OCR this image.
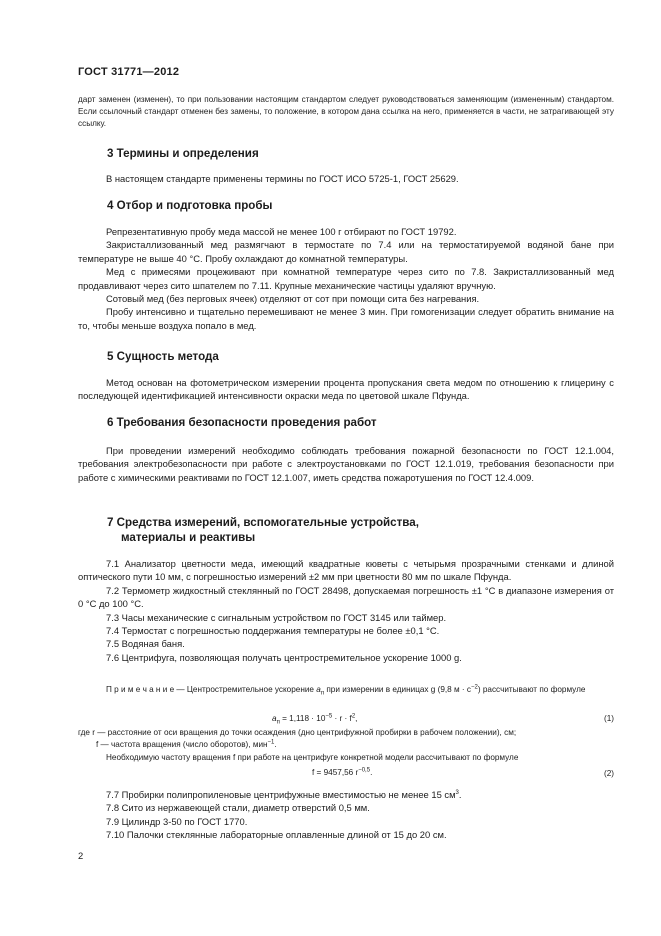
ГОСТ 31771—2012

дарт заменен (изменен), то при пользовании настоящим стандартом следует руководствоваться заменяющим (измененным) стандартом. Если ссылочный стандарт отменен без замены, то положение, в котором дана ссылка на него, применяется в части, не затрагивающей эту ссылку.

3 Термины и определения

В настоящем стандарте применены термины по ГОСТ ИСО 5725-1, ГОСТ 25629.

4 Отбор и подготовка пробы

Репрезентативную пробу меда массой не менее 100 г отбирают по ГОСТ 19792.

Закристаллизованный мед размягчают в термостате по 7.4 или на термостатируемой водяной бане при температуре не выше 40 °С. Пробу охлаждают до комнатной температуры.

Мед с примесями процеживают при комнатной температуре через сито по 7.8. Закристаллизованный мед продавливают через сито шпателем по 7.11. Крупные механические частицы удаляют вручную.

Сотовый мед (без перговых ячеек) отделяют от сот при помощи сита без нагревания.

Пробу интенсивно и тщательно перемешивают не менее 3 мин. При гомогенизации следует обратить внимание на то, чтобы меньше воздуха попало в мед.

5 Сущность метода

Метод основан на фотометрическом измерении процента пропускания света медом по отношению к глицерину с последующей идентификацией интенсивности окраски меда по цветовой шкале Пфунда.

6 Требования безопасности проведения работ

При проведении измерений необходимо соблюдать требования пожарной безопасности по ГОСТ 12.1.004, требования электробезопасности при работе с электроустановками по ГОСТ 12.1.019, требования безопасности при работе с химическими реактивами по ГОСТ 12.1.007, иметь средства пожаротушения по ГОСТ 12.4.009.

7 Средства измерений, вспомогательные устройства,
материалы и реактивы

7.1 Анализатор цветности меда, имеющий квадратные кюветы с четырьмя прозрачными стенками и длиной оптического пути 10 мм, с погрешностью измерений ±2 мм при цветности 80 мм по шкале Пфунда.

7.2 Термометр жидкостный стеклянный по ГОСТ 28498, допускаемая погрешность ±1 °С в диапазоне измерения от 0 °С до 100 °С.

7.3 Часы механические с сигнальным устройством по ГОСТ 3145 или таймер.

7.4 Термостат с погрешностью поддержания температуры не более ±0,1 °С.

7.5 Водяная баня.

7.6 Центрифуга, позволяющая получать центростремительное ускорение 1000 g.

П р и м е ч а н и е — Центростремительное ускорение $а_п$ при измерении в единицах g (9,8 $м \cdot с^{-2}$) рассчитывают по формуле

$а_п = 1,118 \cdot 10^{-5} \cdot r \cdot f^2$,	(1)

где r — расстояние от оси вращения до точки осаждения (дно центрифужной пробирки в рабочем положении), см;

f — частота вращения (число оборотов), мин$^{-1}$.

Необходимую частоту вращения f при работе на центрифуге конкретной модели рассчитывают по формуле

f = 9457,56 $r^{-0,5}$.	(2)

7.7 Пробирки полипропиленовые центрифужные вместимостью не менее 15 $см^3$.

7.8 Сито из нержавеющей стали, диаметр отверстий 0,5 мм.

7.9 Цилиндр 3-50 по ГОСТ 1770.

7.10 Палочки стеклянные лабораторные оплавленные длиной от 15 до 20 см.

2
